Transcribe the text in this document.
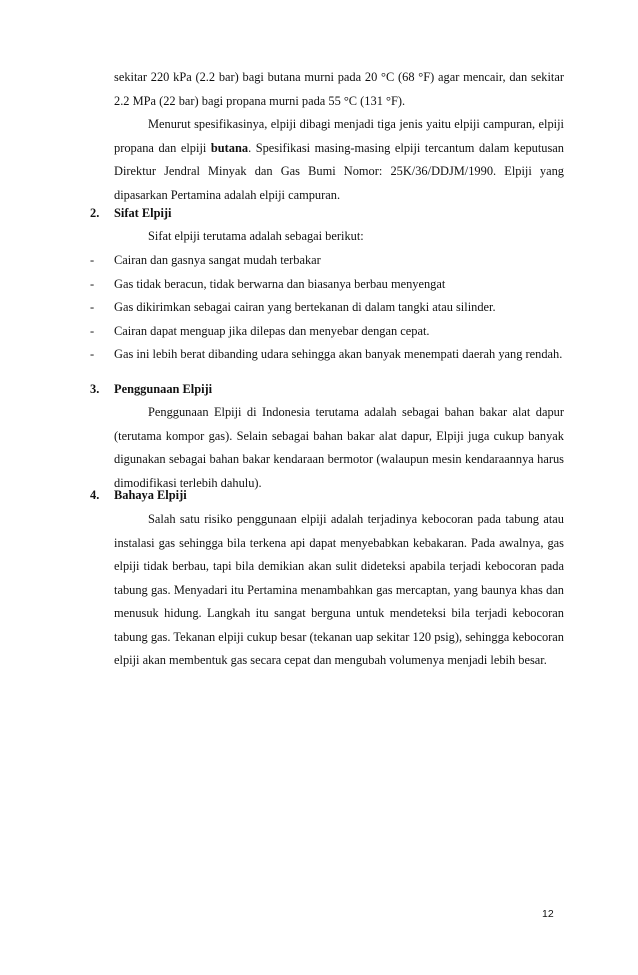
sekitar 220 kPa (2.2 bar) bagi butana murni pada 20 °C (68 °F) agar mencair, dan sekitar 2.2 MPa (22 bar) bagi propana murni pada 55 °C (131 °F).

Menurut spesifikasinya, elpiji dibagi menjadi tiga jenis yaitu elpiji campuran, elpiji propana dan elpiji butana. Spesifikasi masing-masing elpiji tercantum dalam keputusan Direktur Jendral Minyak dan Gas Bumi Nomor: 25K/36/DDJM/1990. Elpiji yang dipasarkan Pertamina adalah elpiji campuran.

2. Sifat Elpiji

Sifat elpiji terutama adalah sebagai berikut:

-	Cairan dan gasnya sangat mudah terbakar
-	Gas tidak beracun, tidak berwarna dan biasanya berbau menyengat
-	Gas dikirimkan sebagai cairan yang bertekanan di dalam tangki atau silinder.
-	Cairan dapat menguap jika dilepas dan menyebar dengan cepat.
-	Gas ini lebih berat dibanding udara sehingga akan banyak menempati daerah yang rendah.
3. Penggunaan Elpiji

Penggunaan Elpiji di Indonesia terutama adalah sebagai bahan bakar alat dapur (terutama kompor gas). Selain sebagai bahan bakar alat dapur, Elpiji juga cukup banyak digunakan sebagai bahan bakar kendaraan bermotor (walaupun mesin kendaraannya harus dimodifikasi terlebih dahulu).

4. Bahaya Elpiji

Salah satu risiko penggunaan elpiji adalah terjadinya kebocoran pada tabung atau instalasi gas sehingga bila terkena api dapat menyebabkan kebakaran. Pada awalnya, gas elpiji tidak berbau, tapi bila demikian akan sulit dideteksi apabila terjadi kebocoran pada tabung gas. Menyadari itu Pertamina menambahkan gas mercaptan, yang baunya khas dan menusuk hidung. Langkah itu sangat berguna untuk mendeteksi bila terjadi kebocoran tabung gas. Tekanan elpiji cukup besar (tekanan uap sekitar 120 psig), sehingga kebocoran elpiji akan membentuk gas secara cepat dan mengubah volumenya menjadi lebih besar.

12
